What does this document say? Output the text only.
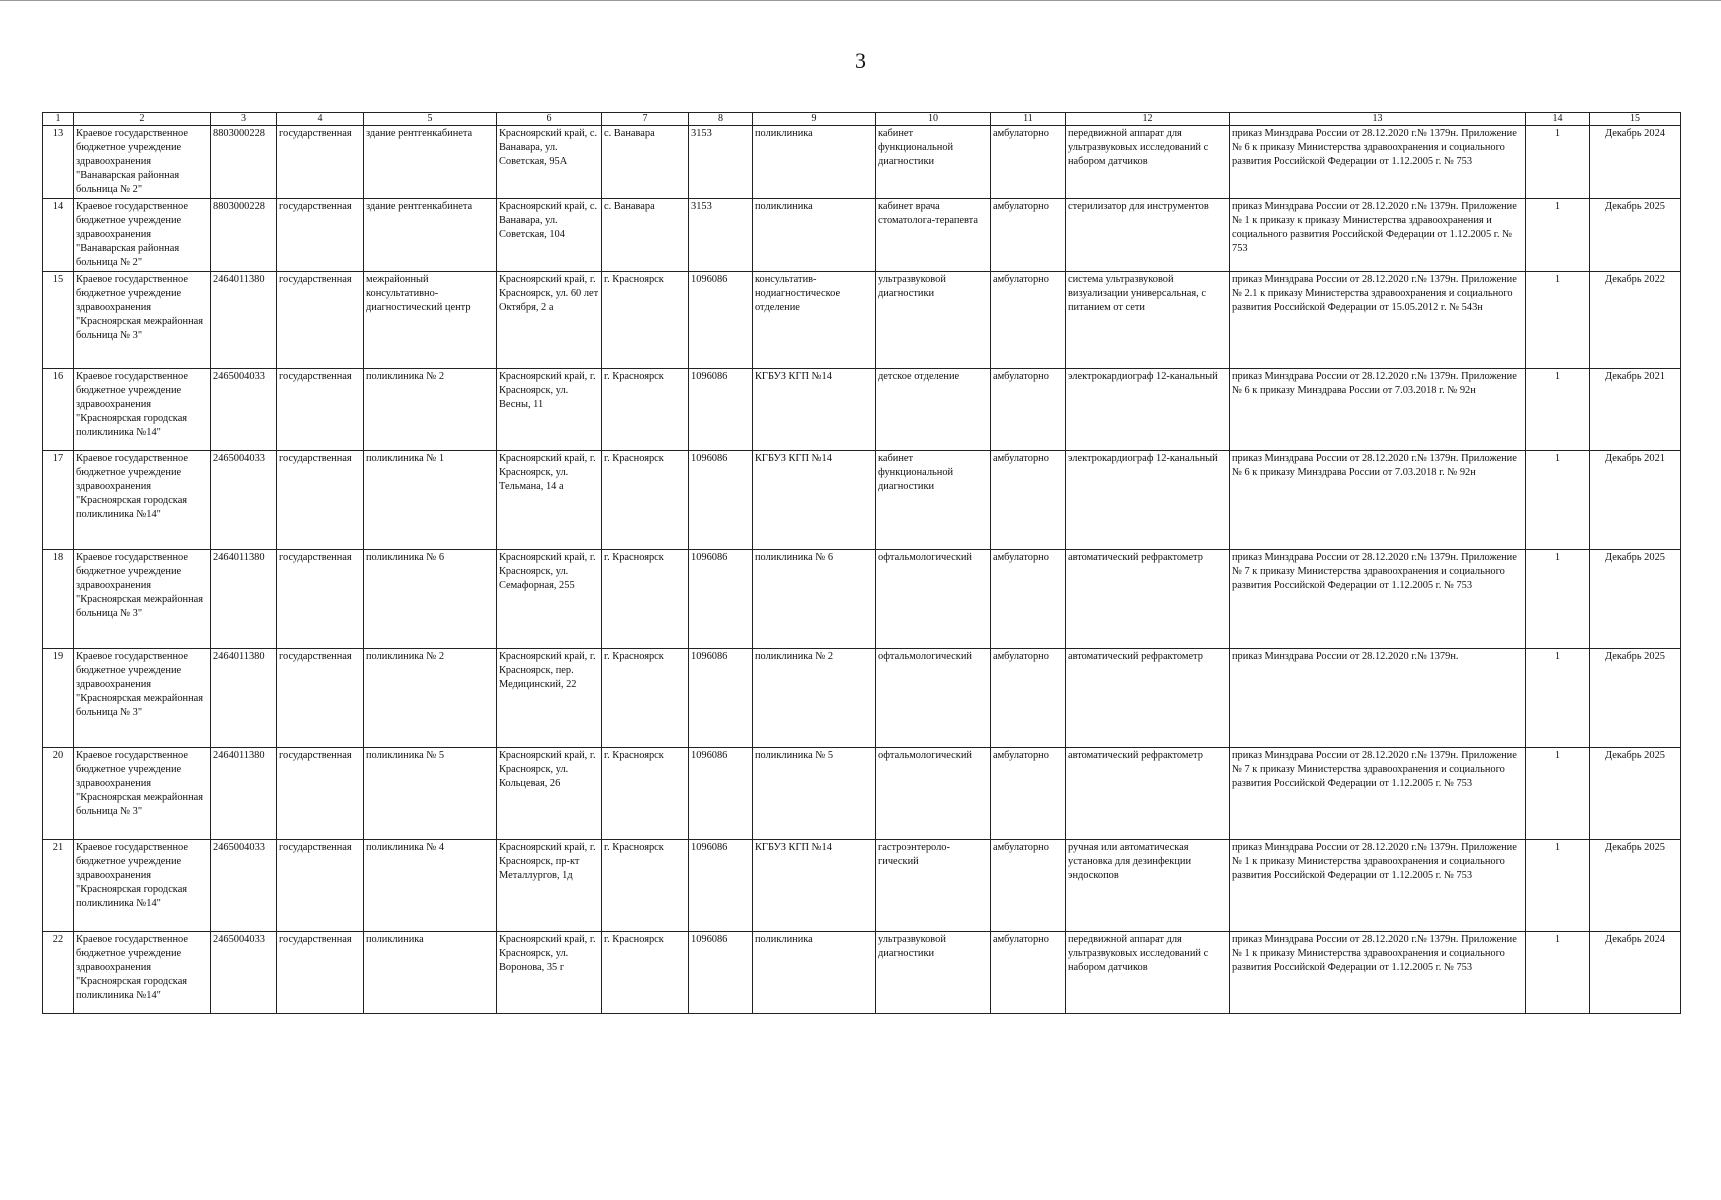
3
1	2	3	4	5	6	7	8	9	10	11	12	13	14	15
13	Краевое государственное бюджетное учреждение здравоохранения "Ванаварская районная больница № 2"	8803000228	государственная	здание рентгенкабинета	Красноярский край, с. Ванавара, ул. Советская, 95А	с. Ванавара	3153	поликлиника	кабинет функциональной диагностики	амбулаторно	передвижной аппарат для ультразвуковых исследований с набором датчиков	приказ Минздрава России от 28.12.2020 г.№ 1379н. Приложение № 6 к приказу Министерства здравоохранения и социального развития Российской Федерации от 1.12.2005 г. № 753	1	Декабрь 2024
14	Краевое государственное бюджетное учреждение здравоохранения "Ванаварская районная больница № 2"	8803000228	государственная	здание рентгенкабинета	Красноярский край, с. Ванавара, ул. Советская, 104	с. Ванавара	3153	поликлиника	кабинет врача стоматолога-терапевта	амбулаторно	стерилизатор для инструментов	приказ Минздрава России от 28.12.2020 г.№ 1379н. Приложение № 1 к приказу к приказу Министерства здравоохранения и социального развития Российской Федерации от 1.12.2005 г. № 753	1	Декабрь 2025
15	Краевое государственное бюджетное учреждение здравоохранения "Красноярская межрайонная больница № 3"	2464011380	государственная	межрайонный консультативно-диагностический центр	Красноярский край, г. Красноярск, ул. 60 лет Октября, 2 а	г. Красноярск	1096086	консультатив-нодиагностическое отделение	ультразвуковой диагностики	амбулаторно	система ультразвуковой визуализации универсальная, с питанием от сети	приказ Минздрава России от 28.12.2020 г.№ 1379н. Приложение № 2.1 к приказу Министерства здравоохранения и социального развития Российской Федерации от 15.05.2012 г. № 543н	1	Декабрь 2022
16	Краевое государственное бюджетное учреждение здравоохранения "Красноярская городская поликлиника №14"	2465004033	государственная	поликлиника № 2	Красноярский край, г. Красноярск, ул. Весны, 11	г. Красноярск	1096086	КГБУЗ КГП №14	детское отделение	амбулаторно	электрокардиограф 12-канальный	приказ Минздрава России от 28.12.2020 г.№ 1379н. Приложение № 6 к приказу Минздрава России от 7.03.2018 г. № 92н	1	Декабрь 2021
17	Краевое государственное бюджетное учреждение здравоохранения "Красноярская городская поликлиника №14"	2465004033	государственная	поликлиника № 1	Красноярский край, г. Красноярск, ул. Тельмана, 14 а	г. Красноярск	1096086	КГБУЗ КГП №14	кабинет функциональной диагностики	амбулаторно	электрокардиограф 12-канальный	приказ Минздрава России от 28.12.2020 г.№ 1379н. Приложение № 6 к приказу Минздрава России от 7.03.2018 г. № 92н	1	Декабрь 2021
18	Краевое государственное бюджетное учреждение здравоохранения "Красноярская межрайонная больница № 3"	2464011380	государственная	поликлиника № 6	Красноярский край, г. Красноярск, ул. Семафорная, 255	г. Красноярск	1096086	поликлиника № 6	офтальмологический	амбулаторно	автоматический рефрактометр	приказ Минздрава России от 28.12.2020 г.№ 1379н. Приложение № 7 к приказу Министерства здравоохранения и социального развития Российской Федерации от 1.12.2005 г. № 753	1	Декабрь 2025
19	Краевое государственное бюджетное учреждение здравоохранения "Красноярская межрайонная больница № 3"	2464011380	государственная	поликлиника № 2	Красноярский край, г. Красноярск, пер. Медицинский, 22	г. Красноярск	1096086	поликлиника № 2	офтальмологический	амбулаторно	автоматический рефрактометр	приказ Минздрава России от 28.12.2020 г.№ 1379н.	1	Декабрь 2025
20	Краевое государственное бюджетное учреждение здравоохранения "Красноярская межрайонная больница № 3"	2464011380	государственная	поликлиника № 5	Красноярский край, г. Красноярск, ул. Кольцевая, 26	г. Красноярск	1096086	поликлиника № 5	офтальмологический	амбулаторно	автоматический рефрактометр	приказ Минздрава России от 28.12.2020 г.№ 1379н. Приложение № 7 к приказу Министерства здравоохранения и социального развития Российской Федерации от 1.12.2005 г. № 753	1	Декабрь 2025
21	Краевое государственное бюджетное учреждение здравоохранения "Красноярская городская поликлиника №14"	2465004033	государственная	поликлиника № 4	Красноярский край, г. Красноярск, пр-кт Металлургов, 1д	г. Красноярск	1096086	КГБУЗ КГП №14	гастроэнтероло-гический	амбулаторно	ручная или автоматическая установка для дезинфекции эндоскопов	приказ Минздрава России от 28.12.2020 г.№ 1379н. Приложение № 1 к приказу Министерства здравоохранения и социального развития Российской Федерации от 1.12.2005 г. № 753	1	Декабрь 2025
22	Краевое государственное бюджетное учреждение здравоохранения "Красноярская городская поликлиника №14"	2465004033	государственная	поликлиника	Красноярский край, г. Красноярск, ул. Воронова, 35 г	г. Красноярск	1096086	поликлиника	ультразвуковой диагностики	амбулаторно	передвижной аппарат для ультразвуковых исследований с набором датчиков	приказ Минздрава России от 28.12.2020 г.№ 1379н. Приложение № 1 к приказу Министерства здравоохранения и социального развития Российской Федерации от 1.12.2005 г. № 753	1	Декабрь 2024
